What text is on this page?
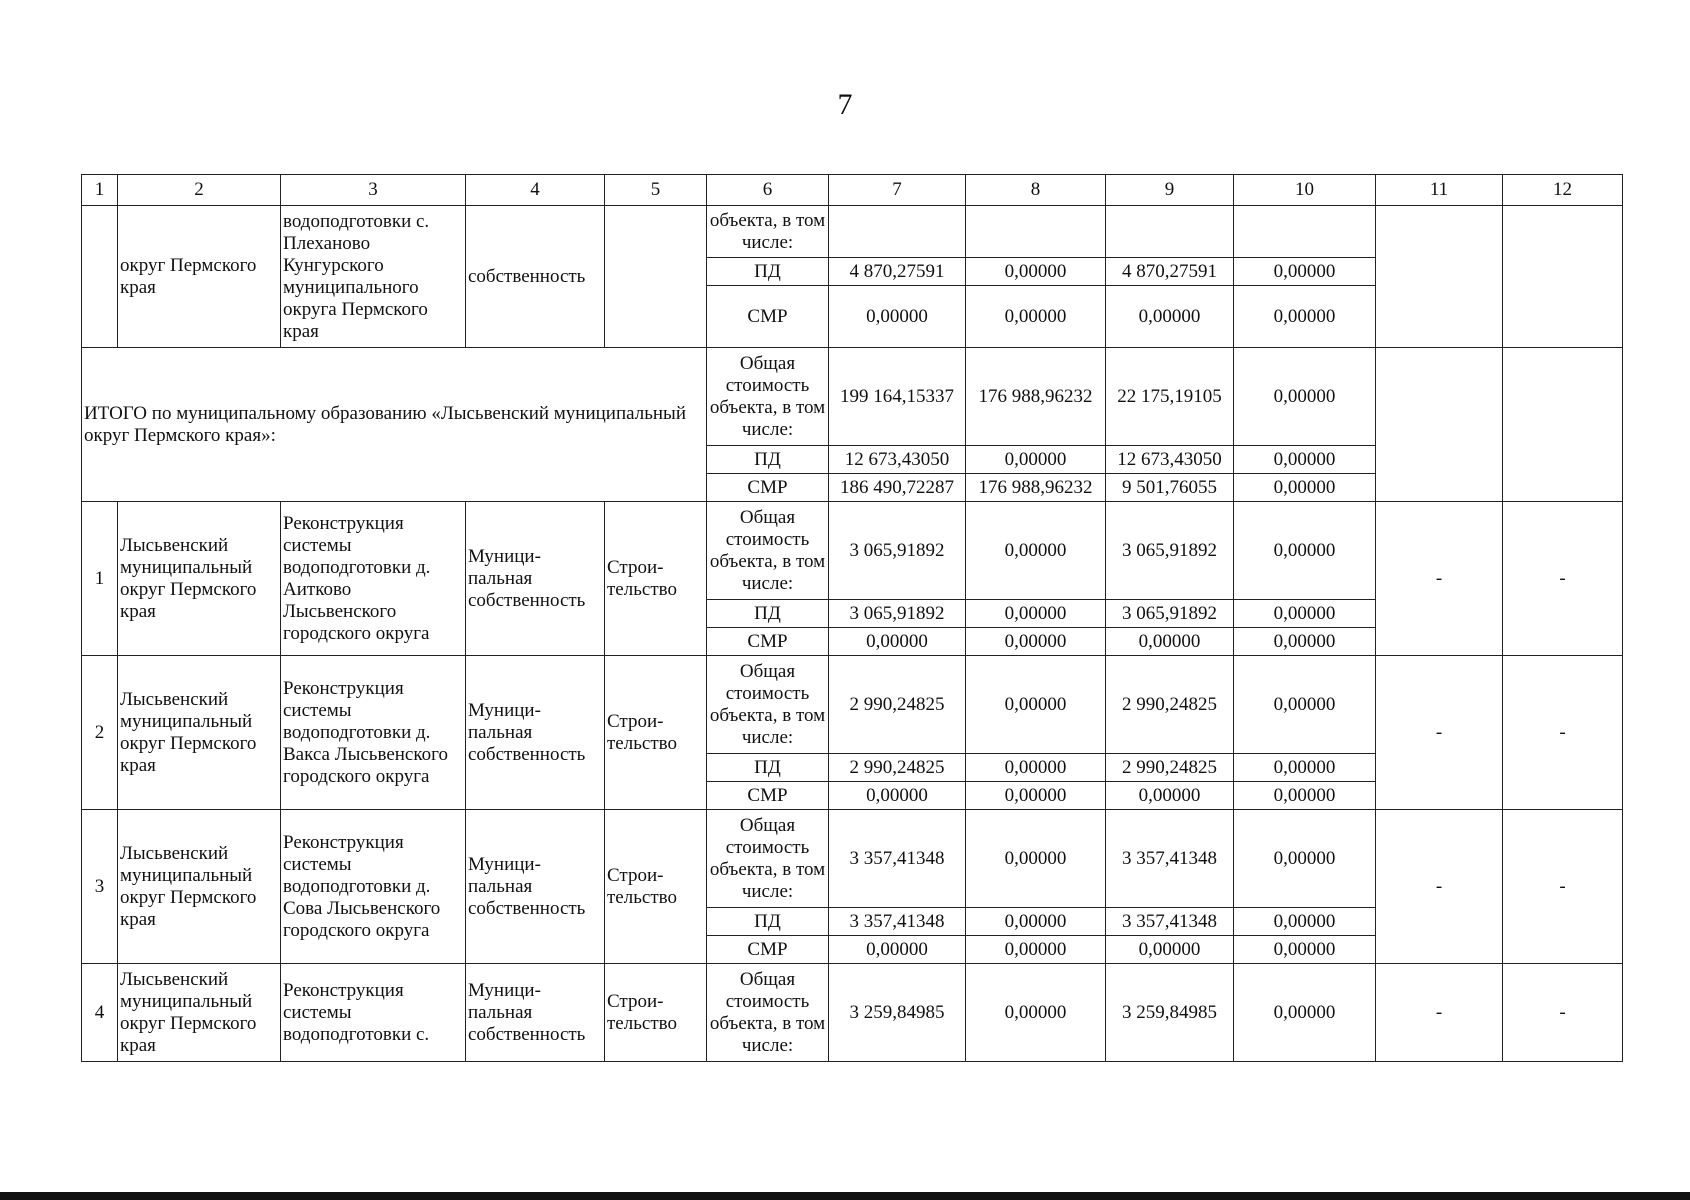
7
1	2	3	4	5	6	7	8	9	10	11	12
	округ Пермского края	водоподготовки с. Плеханово Кунгурского муниципального округа Пермского края	собственность		объекта, в том числе:						
					ПД	4 870,27591	0,00000	4 870,27591	0,00000		
					СМР	0,00000	0,00000	0,00000	0,00000		
ИТОГО по муниципальному образованию «Лысьвенский муниципальный округ Пермского края»:					Общая стоимость объекта, в том числе:	199 164,15337	176 988,96232	22 175,19105	0,00000		
					ПД	12 673,43050	0,00000	12 673,43050	0,00000		
					СМР	186 490,72287	176 988,96232	9 501,76055	0,00000		
1	Лысьвенский муниципальный округ Пермского края	Реконструкция системы водоподготовки д. Аитково Лысьвенского городского округа	Муници-пальная собственность	Строи-тельство	Общая стоимость объекта, в том числе:	3 065,91892	0,00000	3 065,91892	0,00000	-	-
					ПД	3 065,91892	0,00000	3 065,91892	0,00000		
					СМР	0,00000	0,00000	0,00000	0,00000		
2	Лысьвенский муниципальный округ Пермского края	Реконструкция системы водоподготовки д. Вакса Лысьвенского городского округа	Муници-пальная собственность	Строи-тельство	Общая стоимость объекта, в том числе:	2 990,24825	0,00000	2 990,24825	0,00000	-	-
					ПД	2 990,24825	0,00000	2 990,24825	0,00000		
					СМР	0,00000	0,00000	0,00000	0,00000		
3	Лысьвенский муниципальный округ Пермского края	Реконструкция системы водоподготовки д. Сова Лысьвенского городского округа	Муници-пальная собственность	Строи-тельство	Общая стоимость объекта, в том числе:	3 357,41348	0,00000	3 357,41348	0,00000	-	-
					ПД	3 357,41348	0,00000	3 357,41348	0,00000		
					СМР	0,00000	0,00000	0,00000	0,00000		
4	Лысьвенский муниципальный округ Пермского края	Реконструкция системы водоподготовки с.	Муници-пальная собственность	Строи-тельство	Общая стоимость объекта, в том числе:	3 259,84985	0,00000	3 259,84985	0,00000	-	-
